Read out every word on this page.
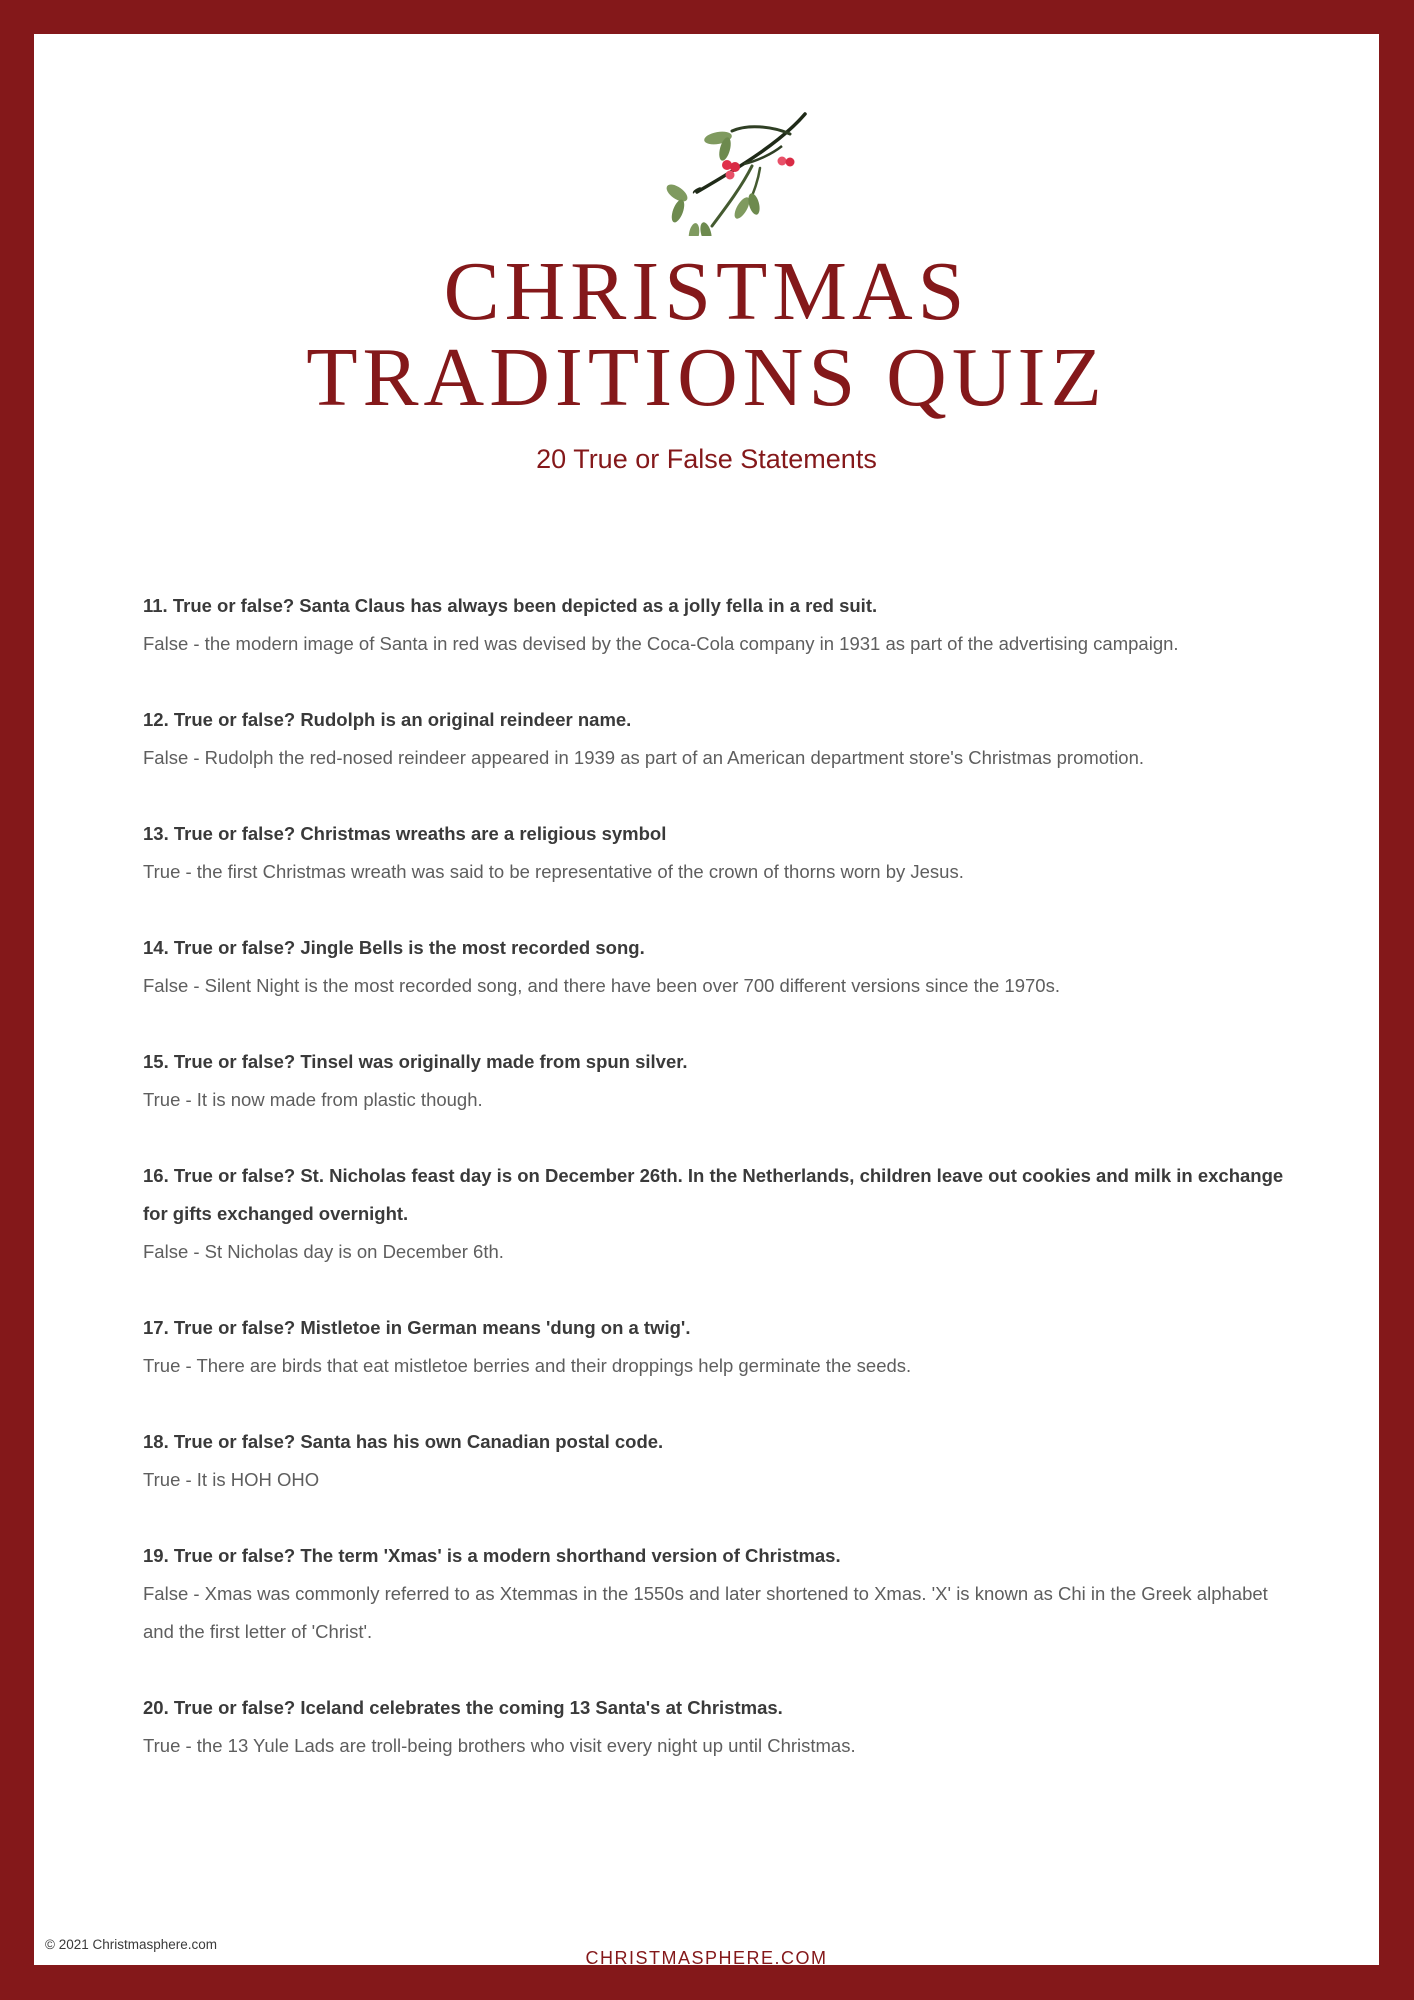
CHRISTMAS
TRADITIONS QUIZ
20 True or False Statements
11. True or false? Santa Claus has always been depicted as a jolly fella in a red suit.
False - the modern image of Santa in red was devised by the Coca-Cola company in 1931 as part of the advertising campaign.
12. True or false? Rudolph is an original reindeer name.
False - Rudolph the red-nosed reindeer appeared in 1939 as part of an American department store's Christmas promotion.
13. True or false? Christmas wreaths are a religious symbol
True - the first Christmas wreath was said to be representative of the crown of thorns worn by Jesus.
14. True or false? Jingle Bells is the most recorded song.
False - Silent Night is the most recorded song, and there have been over 700 different versions since the 1970s.
15. True or false? Tinsel was originally made from spun silver.
True - It is now made from plastic though.
16. True or false? St. Nicholas feast day is on December 26th. In the Netherlands, children leave out cookies and milk in exchange for gifts exchanged overnight.
False - St Nicholas day is on December 6th.
17. True or false? Mistletoe in German means 'dung on a twig'.
True - There are birds that eat mistletoe berries and their droppings help germinate the seeds.
18. True or false? Santa has his own Canadian postal code.
True - It is HOH OHO
19. True or false? The term 'Xmas' is a modern shorthand version of Christmas.
False - Xmas was commonly referred to as Xtemmas in the 1550s and later shortened to Xmas. 'X' is known as Chi in the Greek alphabet and the first letter of 'Christ'.
20. True or false? Iceland celebrates the coming 13 Santa's at Christmas.
True - the 13 Yule Lads are troll-being brothers who visit every night up until Christmas.
CHRISTMASPHERE.COM
© 2021 Christmasphere.com
